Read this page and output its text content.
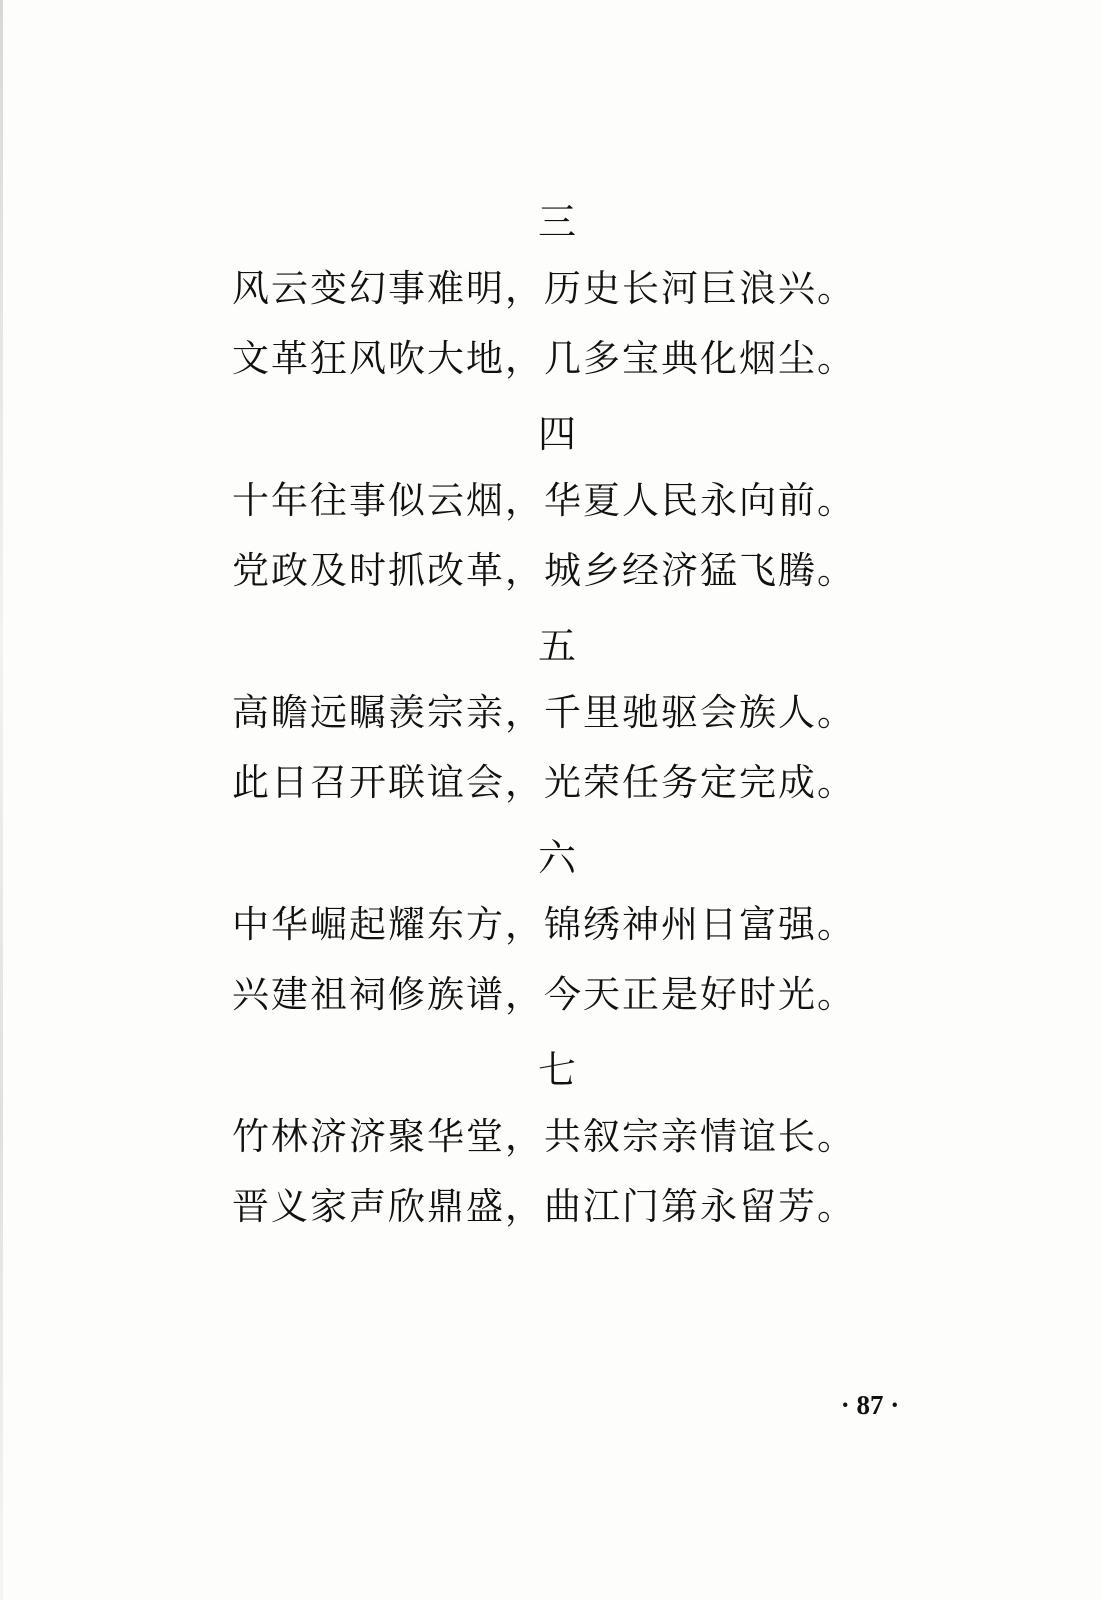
三
风云变幻事难明，历史长河巨浪兴。
文革狂风吹大地，几多宝典化烟尘。
四
十年往事似云烟，华夏人民永向前。
党政及时抓改革，城乡经济猛飞腾。
五
高瞻远瞩羡宗亲，千里驰驱会族人。
此日召开联谊会，光荣任务定完成。
六
中华崛起耀东方，锦绣神州日富强。
兴建祖祠修族谱，今天正是好时光。
七
竹林济济聚华堂，共叙宗亲情谊长。
晋义家声欣鼎盛，曲江门第永留芳。
· 87 ·
